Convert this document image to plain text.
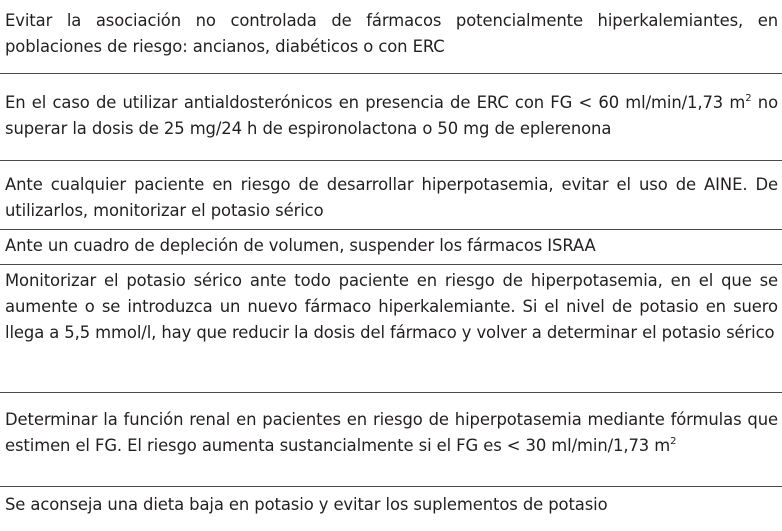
Evitar la asociación no controlada de fármacos potencialmente hiperkalemiantes, en poblaciones de riesgo: ancianos, diabéticos o con ERC
En el caso de utilizar antialdosterónicos en presencia de ERC con FG < 60 ml/min/1,73 $m^2$ no superar la dosis de 25 mg/24 h de espironolactona o 50 mg de eplerenona
Ante cualquier paciente en riesgo de desarrollar hiperpotasemia, evitar el uso de AINE. De utilizarlos, monitorizar el potasio sérico
Ante un cuadro de depleción de volumen, suspender los fármacos ISRAA
Monitorizar el potasio sérico ante todo paciente en riesgo de hiperpotasemia, en el que se aumente o se introduzca un nuevo fármaco hiperkalemiante. Si el nivel de potasio en suero llega a 5,5 mmol/l, hay que reducir la dosis del fármaco y volver a determinar el potasio sérico
Determinar la función renal en pacientes en riesgo de hiperpotasemia mediante fórmulas que estimen el FG. El riesgo aumenta sustancialmente si el FG es < 30 ml/min/1,73 $m^2$
Se aconseja una dieta baja en potasio y evitar los suplementos de potasio
